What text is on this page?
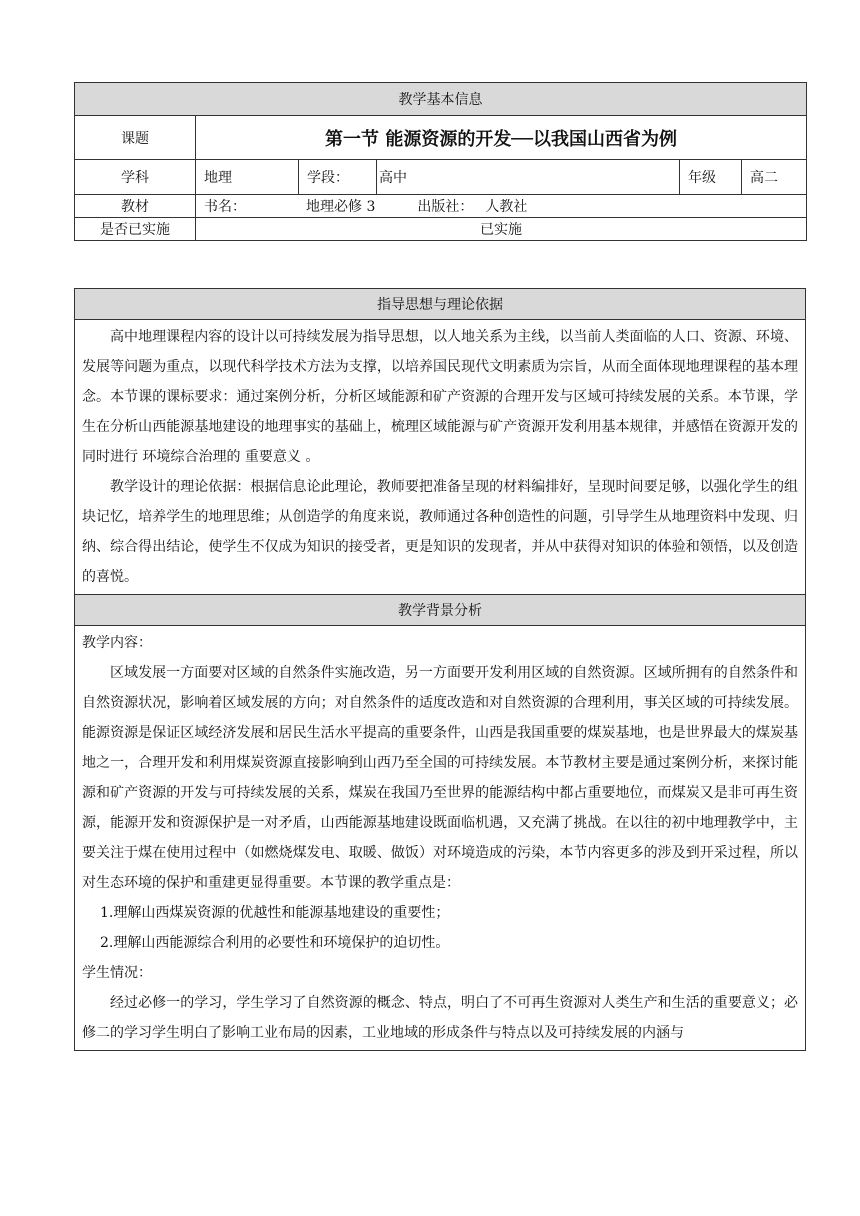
教学基本信息					
课题	第一节 能源资源的开发──以我国山西省为例				
学科	地理	学段：	高中	年级	高二
教材	书名： 地理必修 3 出版社： 人教社				
是否已实施	已实施				
指导思想与理论依据

高中地理课程内容的设计以可持续发展为指导思想，以人地关系为主线，以当前人类面临的人口、资源、环境、发展等问题为重点，以现代科学技术方法为支撑，以培养国民现代文明素质为宗旨，从而全面体现地理课程的基本理念。本节课的课标要求：通过案例分析，分析区域能源和矿产资源的合理开发与区域可持续发展的关系。本节课，学生在分析山西能源基地建设的地理事实的基础上，梳理区域能源与矿产资源开发利用基本规律，并感悟在资源开发的同时进行 环境综合治理的 重要意义 。

教学设计的理论依据：根据信息论此理论，教师要把准备呈现的材料编排好，呈现时间要足够，以强化学生的组块记忆，培养学生的地理思维；从创造学的角度来说，教师通过各种创造性的问题，引导学生从地理资料中发现、归纳、综合得出结论，使学生不仅成为知识的接受者，更是知识的发现者，并从中获得对知识的体验和领悟，以及创造的喜悦。

教学背景分析

教学内容：

区域发展一方面要对区域的自然条件实施改造，另一方面要开发利用区域的自然资源。区域所拥有的自然条件和自然资源状况，影响着区域发展的方向；对自然条件的适度改造和对自然资源的合理利用，事关区域的可持续发展。能源资源是保证区域经济发展和居民生活水平提高的重要条件，山西是我国重要的煤炭基地，也是世界最大的煤炭基地之一，合理开发和利用煤炭资源直接影响到山西乃至全国的可持续发展。本节教材主要是通过案例分析，来探讨能源和矿产资源的开发与可持续发展的关系，煤炭在我国乃至世界的能源结构中都占重要地位，而煤炭又是非可再生资源，能源开发和资源保护是一对矛盾，山西能源基地建设既面临机遇，又充满了挑战。在以往的初中地理教学中，主要关注于煤在使用过程中（如燃烧煤发电、取暖、做饭）对环境造成的污染，本节内容更多的涉及到开采过程，所以对生态环境的保护和重建更显得重要。本节课的教学重点是：

1.理解山西煤炭资源的优越性和能源基地建设的重要性；

2.理解山西能源综合利用的必要性和环境保护的迫切性。

学生情况：

经过必修一的学习，学生学习了自然资源的概念、特点，明白了不可再生资源对人类生产和生活的重要意义；必修二的学习学生明白了影响工业布局的因素，工业地域的形成条件与特点以及可持续发展的内涵与
